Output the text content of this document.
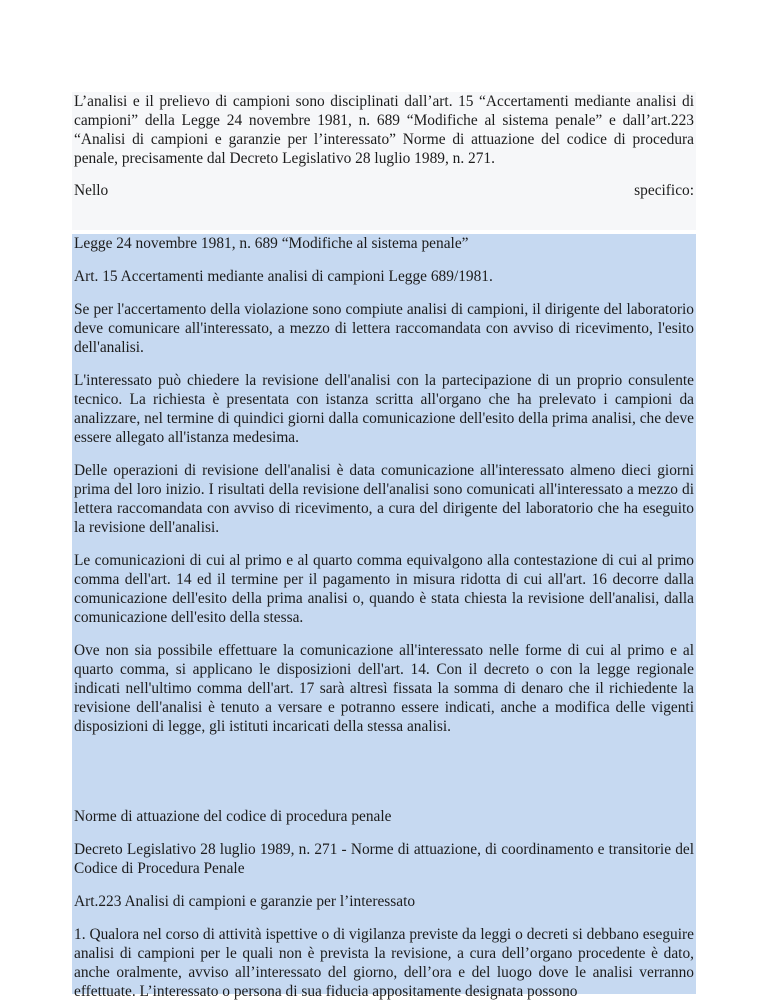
L’analisi e il prelievo di campioni sono disciplinati dall’art. 15 “Accertamenti mediante analisi di campioni” della Legge 24 novembre 1981, n. 689 “Modifiche al sistema penale” e dall’art.223 “Analisi di campioni e garanzie per l’interessato” Norme di attuazione del codice di procedura penale, precisamente dal Decreto Legislativo 28 luglio 1989, n. 271.

Nello	specifico:

Legge 24 novembre 1981, n. 689 “Modifiche al sistema penale”

Art. 15 Accertamenti mediante analisi di campioni Legge 689/1981.

Se per l'accertamento della violazione sono compiute analisi di campioni, il dirigente del laboratorio deve comunicare all'interessato, a mezzo di lettera raccomandata con avviso di ricevimento, l'esito dell'analisi.

L'interessato può chiedere la revisione dell'analisi con la partecipazione di un proprio consulente tecnico. La richiesta è presentata con istanza scritta all'organo che ha prelevato i campioni da analizzare, nel termine di quindici giorni dalla comunicazione dell'esito della prima analisi, che deve essere allegato all'istanza medesima.

Delle operazioni di revisione dell'analisi è data comunicazione all'interessato almeno dieci giorni prima del loro inizio. I risultati della revisione dell'analisi sono comunicati all'interessato a mezzo di lettera raccomandata con avviso di ricevimento, a cura del dirigente del laboratorio che ha eseguito la revisione dell'analisi.

Le comunicazioni di cui al primo e al quarto comma equivalgono alla contestazione di cui al primo comma dell'art. 14 ed il termine per il pagamento in misura ridotta di cui all'art. 16 decorre dalla comunicazione dell'esito della prima analisi o, quando è stata chiesta la revisione dell'analisi, dalla comunicazione dell'esito della stessa.

Ove non sia possibile effettuare la comunicazione all'interessato nelle forme di cui al primo e al quarto comma, si applicano le disposizioni dell'art. 14. Con il decreto o con la legge regionale indicati nell'ultimo comma dell'art. 17 sarà altresì fissata la somma di denaro che il richiedente la revisione dell'analisi è tenuto a versare e potranno essere indicati, anche a modifica delle vigenti disposizioni di legge, gli istituti incaricati della stessa analisi.

Norme di attuazione del codice di procedura penale

Decreto Legislativo 28 luglio 1989, n. 271 - Norme di attuazione, di coordinamento e transitorie del Codice di Procedura Penale

Art.223 Analisi di campioni e garanzie per l’interessato

1. Qualora nel corso di attività ispettive o di vigilanza previste da leggi o decreti si debbano eseguire analisi di campioni per le quali non è prevista la revisione, a cura dell’organo procedente è dato, anche oralmente, avviso all’interessato del giorno, dell’ora e del luogo dove le analisi verranno effettuate. L’interessato o persona di sua fiducia appositamente designata possono
